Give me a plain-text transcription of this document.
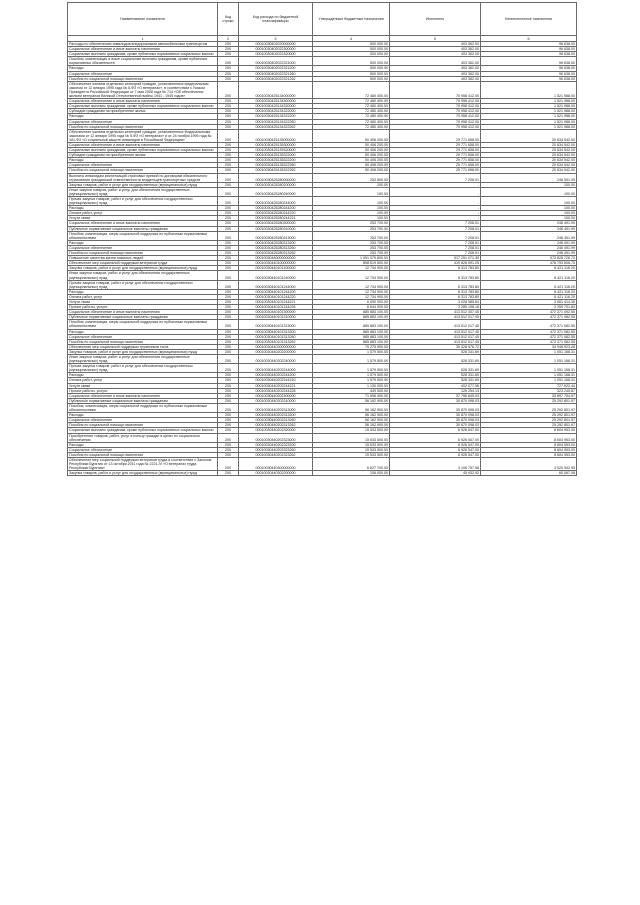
Наименование показателя	Код строки	Код расхода по бюджетной классификации	Утвержденные бюджетные назначения	Исполнено	Неисполненные назначения
1	2	3	4	5	6
Расходы по обеспечению инвалидов внедорожными автомобильным транспортом	200	00010030402020000000	500 000.00	403 362.00	96 638.00
Социальное обеспечение и иные выплаты населению	200	00010030402022300000	500 000.00	403 362.00	96 638.00
Социальные выплаты гражданам, кроме публичных нормативных социальных выплат	200	00010030402022320000	500 000.00	403 362.00	96 638.00
Пособия, компенсации и иные социальные выплаты гражданам, кроме публичных нормативных обязательств	200	00010030402022321000	500 000.00	403 362.00	96 638.00
Расходы	200	00010030402022321200	500 000.00	403 362.00	96 638.00
Социальное обеспечение	200	00010030402022321260	500 000.00	403 362.00	96 638.00
Пособия по социальной помощи населению	200	00010030402022321262	500 000.00	403 362.00	96 638.00
Обеспечение жильем отдельных категорий граждан, установленных федеральным законом от 12 января 1995 года № 5-ФЗ «О ветеранах», в соответствии с Указом Президента Российской Федерации от 7 мая 2008 года № 714 «Об обеспечении жильем ветеранов Великой Отечественной войны 1941 - 1945 годов»	200	00010030425134000000	72 480 400.00	70 958 412.00	1 521 988.00
Социальное обеспечение и иные выплаты населению	200	00010030425134300000	72 480 400.00	70 958 412.00	1 521 988.00
Социальные выплаты гражданам, кроме публичных нормативных социальных выплат	200	00010030425134320000	72 480 400.00	70 958 412.00	1 521 988.00
Субсидии гражданам на приобретение жилья	200	00010030425134322000	72 480 400.00	70 958 412.00	1 521 988.00
Расходы	200	00010030425134322200	72 480 400.00	70 958 412.00	1 521 988.00
Социальное обеспечение	200	00010030425134322260	72 480 400.00	70 958 412.00	1 521 988.00
Пособия по социальной помощи населению	200	00010030425134322262	72 480 400.00	70 958 412.00	1 521 988.00
Обеспечение жильем отдельных категорий граждан, установленных Федеральными законами от 12 января 1995 года № 5-ФЗ «О ветеранах» и от 24 ноября 1995 года № 181-ФЗ «О социальной защите инвалидов в Российской Федерации»	200	00010030425135000000	50 406 200.00	29 771 658.00	20 634 542.00
Социальное обеспечение и иные выплаты населению	200	00010030425135300000	50 406 200.00	29 771 658.00	20 634 542.00
Социальные выплаты гражданам, кроме публичных нормативных социальных выплат	200	00010030425135320000	50 406 200.00	29 771 658.00	20 634 542.00
Субсидии гражданам на приобретение жилья	200	00010030425135322000	50 406 200.00	29 771 658.00	20 634 542.00
Расходы	200	00010030425135322200	50 406 200.00	29 771 658.00	20 634 542.00
Социальное обеспечение	200	00010030425135322260	50 406 200.00	29 771 658.00	20 634 542.00
Пособия по социальной помощи населению	200	00010030425135322262	50 406 200.00	29 771 658.00	20 634 542.00
Выплаты инвалидам компенсаций страховых премий по договорам обязательного страхования гражданской ответственности владельцев транспортных средств	200	00010030425280000000	253 800.00	7 208.01	246 591.99
Закупка товаров, работ и услуг для государственных (муниципальных) нужд	200	00010030425280200000	100.00	-	100.00
Иные закупки товаров, работ и услуг для обеспечения государственных (муниципальных) нужд	200	00010030425280240000	100.00	-	100.00
Прочая закупка товаров, работ и услуг для обеспечения государственных (муниципальных) нужд	200	00010030425280244000	100.00	-	100.00
Расходы	200	00010030425280244200	100.00	-	100.00
Оплата работ, услуг	200	00010030425280244220	100.00	-	100.00
Услуги связи	200	00010030425280244221	100.00	-	100.00
Социальное обеспечение и иные выплаты населению	200	00010030425280300000	253 700.00	7 208.01	246 491.99
Публичные нормативные социальные выплаты гражданам	200	00010030425280310000	253 700.00	7 208.01	246 491.99
Пособия, компенсации, меры социальной поддержки по публичным нормативным обязательствам	200	00010030425280313000	253 700.00	7 208.01	246 491.99
Расходы	200	00010030425280313200	253 700.00	7 208.01	246 491.99
Социальное обеспечение	200	00010030425280313260	253 700.00	7 208.01	246 491.99
Пособия по социальной помощи населению	200	00010030425280313262	253 700.00	7 208.01	246 491.99
Повышение качества жизни пожилых людей	200	00010030440000000000	1 091 079 800.00	517 251 071.30	573 828 728.70
Обеспечение мер социальной поддержки ветеранов труда	200	00010030440100000000	898 619 600.00	419 826 091.25	478 793 508.75
Закупка товаров, работ и услуг для государственных (муниципальных) нужд	200	00010030440101200000	12 734 900.00	6 313 783.80	6 421 116.20
Иные закупки товаров, работ и услуг для обеспечения государственных (муниципальных) нужд	200	00010030440101240000	12 734 900.00	6 313 783.80	6 421 116.20
Прочая закупка товаров, работ и услуг для обеспечения государственных (муниципальных) нужд	200	00010030440101244000	12 734 900.00	6 313 783.80	6 421 116.20
Расходы	200	00010030440101244200	12 734 900.00	6 313 783.80	6 421 116.20
Оплата работ, услуг	200	00010030440101244220	12 734 900.00	6 313 783.80	6 421 116.20
Услуги связи	200	00010030440101244221	6 090 000.00	3 028 585.64	3 061 414.36
Прочие работы, услуги	200	00010030440101244226	6 644 900.00	3 285 198.16	3 359 701.84
Социальное обеспечение и иные выплаты населению	200	00010030440101300000	885 883 100.00	413 512 307.45	472 371 092.55
Публичные нормативные социальные выплаты гражданам	200	00010030440101310000	885 883 100.00	413 512 017.45	472 371 082.55
Пособия, компенсации, меры социальной поддержки по публичным нормативным обязательствам	200	00010030440101313000	885 883 100.00	413 512 017.45	472 371 082.55
Расходы	200	00010030440101313200	885 883 100.00	413 512 017.45	472 371 082.55
Социальное обеспечение	200	00010030440101313260	885 883 100.00	413 512 017.45	472 371 082.55
Пособия по социальной помощи населению	200	00010030440101313262	885 883 100.00	413 512 017.45	472 371 082.55
Обеспечение мер социальной поддержки тружеников тыла	200	00010030440200000000	70 275 900.00	35 328 976.72	34 946 923.28
Закупка товаров, работ и услуг для государственных (муниципальных) нужд	200	00010030440202200000	1 579 500.00	528 331.69	1 051 168.31
Иные закупки товаров, работ и услуг для обеспечения государственных (муниципальных) нужд	200	00010030440202240000	1 579 500.00	528 331.69	1 051 168.31
Прочая закупка товаров, работ и услуг для обеспечения государственных (муниципальных) нужд	200	00010030440202244000	1 579 500.00	528 331.69	1 051 168.31
Расходы	200	00010030440202244200	1 579 500.00	528 331.69	1 051 168.31
Оплата работ, услуг	200	00010030440202244220	1 579 500.00	528 331.69	1 051 168.31
Услуги связи	200	00010030440202244221	1 130 000.00	402 077.56	727 922.44
Прочие работы, услуги	200	00010030440202244226	449 500.00	126 254.13	323 245.87
Социальное обеспечение и иные выплаты населению	200	00010030440202300000	71 596 400.00	37 796 645.03	33 897 754.97
Публичные нормативные социальные выплаты гражданам	200	00010030440202310000	56 162 900.00	30 870 098.03	25 292 801.97
Пособия, компенсации, меры социальной поддержки по публичным нормативным обязательствам	200	00010030440202313000	56 162 900.00	30 870 098.03	25 292 801.97
Расходы	200	00010030440202313200	56 162 900.00	30 870 098.03	25 292 801.97
Социальное обеспечение	200	00010030440202313260	56 162 900.00	30 870 098.03	25 292 801.97
Пособия по социальной помощи населению	200	00010030440202313262	56 162 900.00	30 870 098.03	25 292 801.97
Социальные выплаты гражданам, кроме публичных нормативных социальных выплат	200	00010030440202320000	15 533 500.00	6 926 547.00	8 604 953.00
Приобретение товаров, работ, услуг в пользу граждан в целях их социального обеспечения	200	00010030440202323000	15 533 500.00	6 926 547.00	8 604 953.00
Расходы	200	00010030440202323200	15 533 500.00	6 926 547.00	8 604 953.00
Социальное обеспечение	200	00010030440202323260	15 533 500.00	6 926 547.00	8 604 953.00
Пособия по социальной помощи населению	200	00010030440202323262	15 533 500.00	6 926 547.00	8 604 953.00
Обеспечение мер социальной поддержки ветеранов труда в соответствии с Законом Республики Бурятия от 13 октября 2011 года № 2221-IV «О ветеранах труда Республики Бурятия»	200	00010030440300000000	6 627 700.00	3 106 757.58	3 520 942.95
Закупка товаров, работ и услуг для государственных (муниципальных) нужд	200	00010030440302200000	106 000.00	45 932.92	60 067.08
